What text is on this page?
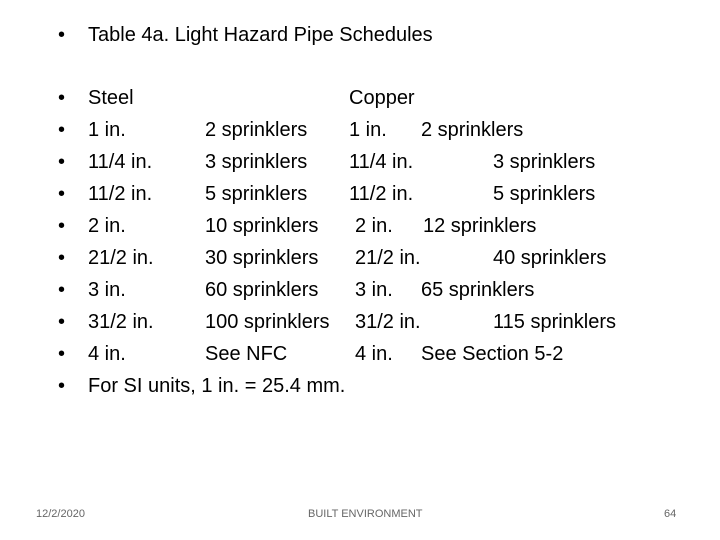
• Table 4a. Light Hazard Pipe Schedules
• Steel	Copper
• 1 in.	2 sprinklers 1 in. 2 sprinklers
• 11/4 in.	3 sprinklers 11/4 in.	3 sprinklers
• 11/2 in.	5 sprinklers 11/2 in.	5 sprinklers
• 2 in.	10 sprinklers 2 in. 12 sprinklers
• 21/2 in.	30 sprinklers 21/2 in.	40 sprinklers
• 3 in.	60 sprinklers 3 in. 65 sprinklers
• 31/2 in.	100 sprinklers 31/2 in.	115 sprinklers
• 4 in.	See NFC	4 in. See Section 5-2
• For SI units, 1 in. = 25.4 mm.
12/2/2020	BUILT ENVIRONMENT	64
